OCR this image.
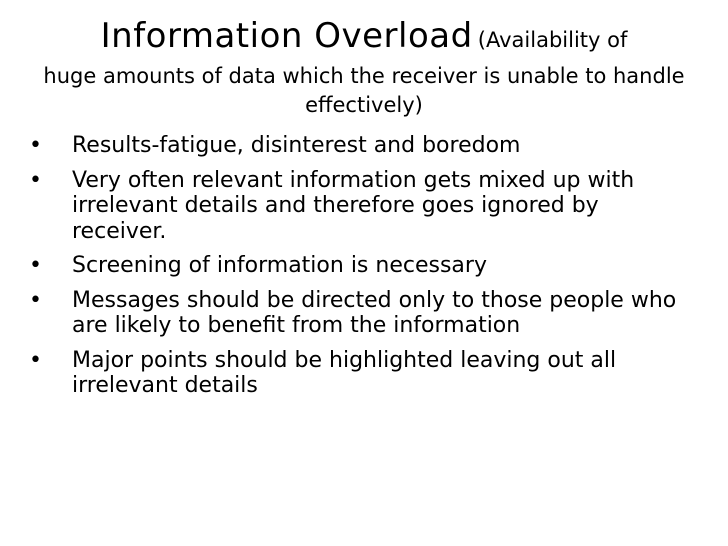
Information Overload (Availability of
huge amounts of data which the receiver is unable to handle effectively)
• Results-fatigue, disinterest and boredom
• Very often relevant information gets mixed up with irrelevant details and therefore goes ignored by receiver.
• Screening of information is necessary
• Messages should be directed only to those people who are likely to benefit from the information
• Major points should be highlighted leaving out all irrelevant details
